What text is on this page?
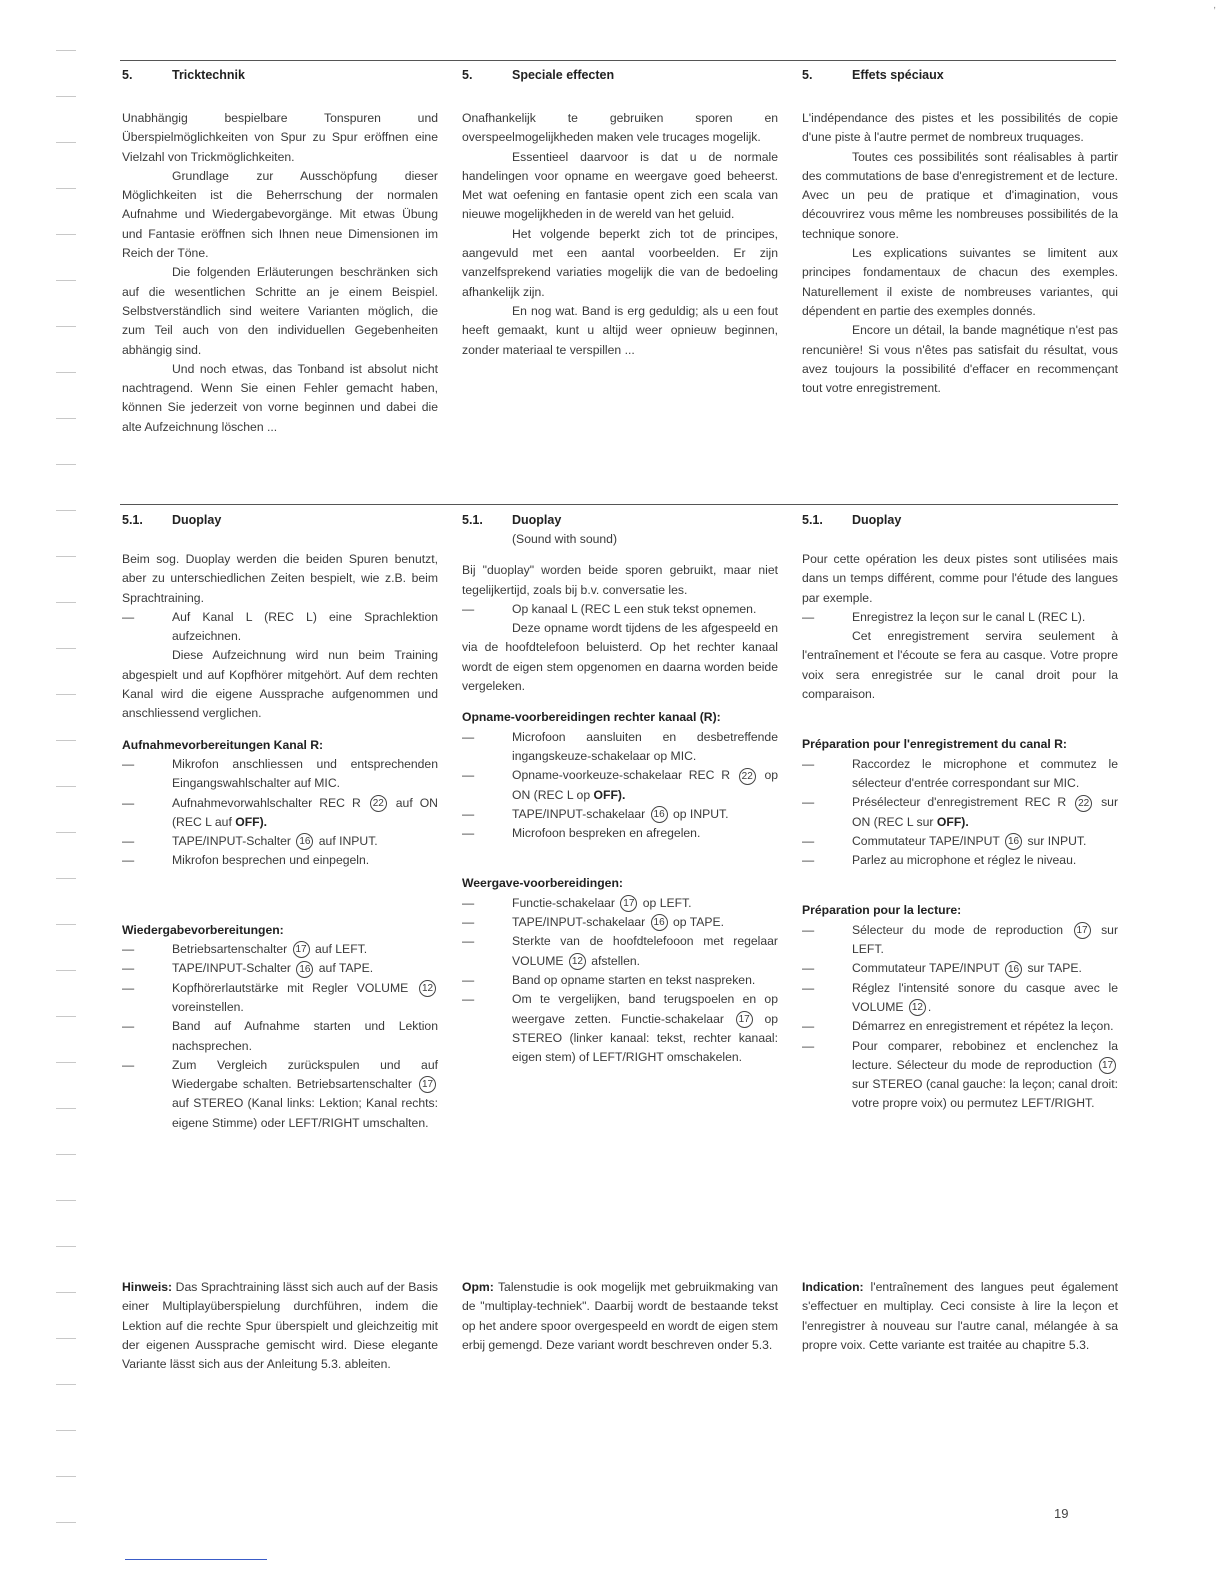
,
5.	Tricktechnik

Unabhängig bespielbare Tonspuren und Überspielmöglichkeiten von Spur zu Spur eröffnen eine Vielzahl von Trickmöglichkeiten.

Grundlage zur Ausschöpfung dieser Möglichkeiten ist die Beherrschung der normalen Aufnahme und Wiedergabevorgänge. Mit etwas Übung und Fantasie eröffnen sich Ihnen neue Dimensionen im Reich der Töne.

Die folgenden Erläuterungen beschränken sich auf die wesentlichen Schritte an je einem Beispiel. Selbstverständlich sind weitere Varianten möglich, die zum Teil auch von den individuellen Gegebenheiten abhängig sind.

Und noch etwas, das Tonband ist absolut nicht nachtragend. Wenn Sie einen Fehler gemacht haben, können Sie jederzeit von vorne beginnen und dabei die alte Aufzeichnung löschen ...

5.	Speciale effecten

Onafhankelijk te gebruiken sporen en overspeelmogelijkheden maken vele trucages mogelijk.

Essentieel daarvoor is dat u de normale handelingen voor opname en weergave goed beheerst. Met wat oefening en fantasie opent zich een scala van nieuwe mogelijkheden in de wereld van het geluid.

Het volgende beperkt zich tot de principes, aangevuld met een aantal voorbeelden. Er zijn vanzelfsprekend variaties mogelijk die van de bedoeling afhankelijk zijn.

En nog wat. Band is erg geduldig; als u een fout heeft gemaakt, kunt u altijd weer opnieuw beginnen, zonder materiaal te verspillen ...

5.	Effets spéciaux

L'indépendance des pistes et les possibilités de copie d'une piste à l'autre permet de nombreux truquages.

Toutes ces possibilités sont réalisables à partir des commutations de base d'enregistrement et de lecture. Avec un peu de pratique et d'imagination, vous découvrirez vous même les nombreuses possibilités de la technique sonore.

Les explications suivantes se limitent aux principes fondamentaux de chacun des exemples. Naturellement il existe de nombreuses variantes, qui dépendent en partie des exemples donnés.

Encore un détail, la bande magnétique n'est pas rencunière! Si vous n'êtes pas satisfait du résultat, vous avez toujours la possibilité d'effacer en recommençant tout votre enregistrement.

5.1. Duoplay

Beim sog. Duoplay werden die beiden Spuren benutzt, aber zu unterschiedlichen Zeiten bespielt, wie z.B. beim Sprachtraining.

—	Auf Kanal L (REC L) eine Sprachlektion aufzeichnen.

Diese Aufzeichnung wird nun beim Training abgespielt und auf Kopfhörer mitgehört. Auf dem rechten Kanal wird die eigene Aussprache aufgenommen und anschliessend verglichen.

Aufnahmevorbereitungen Kanal R:

—	Mikrofon anschliessen und entsprechenden Eingangswahlschalter auf MIC.
—	Aufnahmevorwahlschalter REC R 22 auf ON (REC L auf OFF).
—	TAPE/INPUT-Schalter 16 auf INPUT.
—	Mikrofon besprechen und einpegeln.

Wiedergabevorbereitungen:

—	Betriebsartenschalter 17 auf LEFT.
—	TAPE/INPUT-Schalter 16 auf TAPE.
—	Kopfhörerlautstärke mit Regler VOLUME 12 voreinstellen.
—	Band auf Aufnahme starten und Lektion nachsprechen.
—	Zum Vergleich zurückspulen und auf Wiedergabe schalten. Betriebsartenschalter 17 auf STEREO (Kanal links: Lektion; Kanal rechts: eigene Stimme) oder LEFT/RIGHT umschalten.

Hinweis: Das Sprachtraining lässt sich auch auf der Basis einer Multiplayüberspielung durchführen, indem die Lektion auf die rechte Spur überspielt und gleichzeitig mit der eigenen Aussprache gemischt wird. Diese elegante Variante lässt sich aus der Anleitung 5.3. ableiten.

5.1. Duoplay
(Sound with sound)

Bij "duoplay" worden beide sporen gebruikt, maar niet tegelijkertijd, zoals bij b.v. conversatie les.

—	Op kanaal L (REC L een stuk tekst opnemen.

Deze opname wordt tijdens de les afgespeeld en via de hoofdtelefoon beluisterd. Op het rechter kanaal wordt de eigen stem opgenomen en daarna worden beide vergeleken.

Opname-voorbereidingen rechter kanaal (R):

—	Microfoon aansluiten en desbetreffende ingangskeuze-schakelaar op MIC.
—	Opname-voorkeuze-schakelaar REC R 22 op ON (REC L op OFF).
—	TAPE/INPUT-schakelaar 16 op INPUT.
—	Microfoon bespreken en afregelen.

Weergave-voorbereidingen:

—	Functie-schakelaar 17 op LEFT.
—	TAPE/INPUT-schakelaar 16 op TAPE.
—	Sterkte van de hoofdtelefooon met regelaar VOLUME 12 afstellen.
—	Band op opname starten en tekst naspreken.
—	Om te vergelijken, band terugspoelen en op weergave zetten. Functie-schakelaar 17 op STEREO (linker kanaal: tekst, rechter kanaal: eigen stem) of LEFT/RIGHT omschakelen.

Opm: Talenstudie is ook mogelijk met gebruikmaking van de "multiplay-techniek". Daarbij wordt de bestaande tekst op het andere spoor overgespeeld en wordt de eigen stem erbij gemengd. Deze variant wordt beschreven onder 5.3.

5.1. Duoplay

Pour cette opération les deux pistes sont utilisées mais dans un temps différent, comme pour l'étude des langues par exemple.

—	Enregistrez la leçon sur le canal L (REC L).

Cet enregistrement servira seulement à l'entraînement et l'écoute se fera au casque. Votre propre voix sera enregistrée sur le canal droit pour la comparaison.

Préparation pour l'enregistrement du canal R:

—	Raccordez le microphone et commutez le sélecteur d'entrée correspondant sur MIC.
—	Présélecteur d'enregistrement REC R 22 sur ON (REC L sur OFF).
—	Commutateur TAPE/INPUT 16 sur INPUT.
—	Parlez au microphone et réglez le niveau.

Préparation pour la lecture:

—	Sélecteur du mode de reproduction 17 sur LEFT.
—	Commutateur TAPE/INPUT 16 sur TAPE.
—	Réglez l'intensité sonore du casque avec le VOLUME 12 .
—	Démarrez en enregistrement et répétez la leçon.
—	Pour comparer, rebobinez et enclenchez la lecture. Sélecteur du mode de reproduction 17 sur STEREO (canal gauche: la leçon; canal droit: votre propre voix) ou permutez LEFT/RIGHT.

Indication: l'entraînement des langues peut également s'effectuer en multiplay. Ceci consiste à lire la leçon et l'enregistrer à nouveau sur l'autre canal, mélangée à sa propre voix. Cette variante est traitée au chapitre 5.3.

19
